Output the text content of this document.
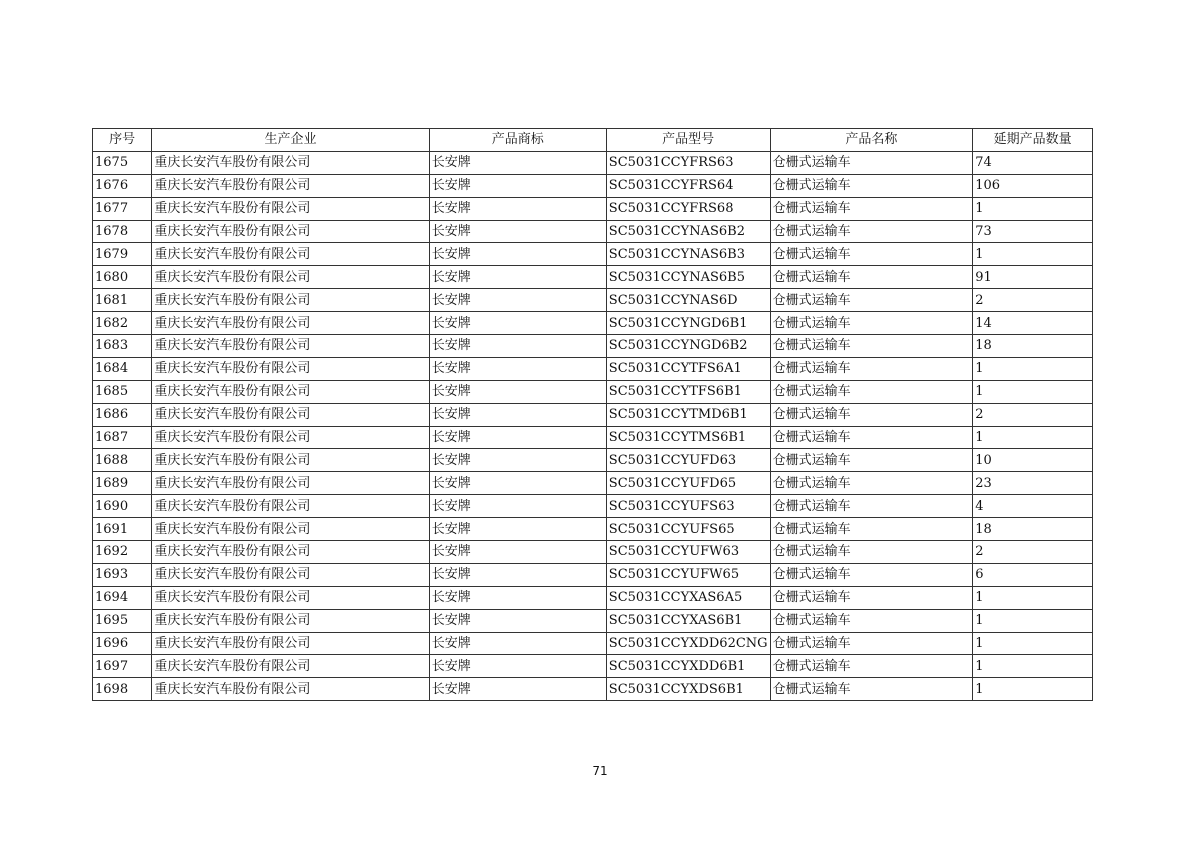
序号	生产企业	产品商标	产品型号	产品名称	延期产品数量
1675	重庆长安汽车股份有限公司	长安牌	SC5031CCYFRS63	仓栅式运输车	74
1676	重庆长安汽车股份有限公司	长安牌	SC5031CCYFRS64	仓栅式运输车	106
1677	重庆长安汽车股份有限公司	长安牌	SC5031CCYFRS68	仓栅式运输车	1
1678	重庆长安汽车股份有限公司	长安牌	SC5031CCYNAS6B2	仓栅式运输车	73
1679	重庆长安汽车股份有限公司	长安牌	SC5031CCYNAS6B3	仓栅式运输车	1
1680	重庆长安汽车股份有限公司	长安牌	SC5031CCYNAS6B5	仓栅式运输车	91
1681	重庆长安汽车股份有限公司	长安牌	SC5031CCYNAS6D	仓栅式运输车	2
1682	重庆长安汽车股份有限公司	长安牌	SC5031CCYNGD6B1	仓栅式运输车	14
1683	重庆长安汽车股份有限公司	长安牌	SC5031CCYNGD6B2	仓栅式运输车	18
1684	重庆长安汽车股份有限公司	长安牌	SC5031CCYTFS6A1	仓栅式运输车	1
1685	重庆长安汽车股份有限公司	长安牌	SC5031CCYTFS6B1	仓栅式运输车	1
1686	重庆长安汽车股份有限公司	长安牌	SC5031CCYTMD6B1	仓栅式运输车	2
1687	重庆长安汽车股份有限公司	长安牌	SC5031CCYTMS6B1	仓栅式运输车	1
1688	重庆长安汽车股份有限公司	长安牌	SC5031CCYUFD63	仓栅式运输车	10
1689	重庆长安汽车股份有限公司	长安牌	SC5031CCYUFD65	仓栅式运输车	23
1690	重庆长安汽车股份有限公司	长安牌	SC5031CCYUFS63	仓栅式运输车	4
1691	重庆长安汽车股份有限公司	长安牌	SC5031CCYUFS65	仓栅式运输车	18
1692	重庆长安汽车股份有限公司	长安牌	SC5031CCYUFW63	仓栅式运输车	2
1693	重庆长安汽车股份有限公司	长安牌	SC5031CCYUFW65	仓栅式运输车	6
1694	重庆长安汽车股份有限公司	长安牌	SC5031CCYXAS6A5	仓栅式运输车	1
1695	重庆长安汽车股份有限公司	长安牌	SC5031CCYXAS6B1	仓栅式运输车	1
1696	重庆长安汽车股份有限公司	长安牌	SC5031CCYXDD62CNG	仓栅式运输车	1
1697	重庆长安汽车股份有限公司	长安牌	SC5031CCYXDD6B1	仓栅式运输车	1
1698	重庆长安汽车股份有限公司	长安牌	SC5031CCYXDS6B1	仓栅式运输车	1
71
